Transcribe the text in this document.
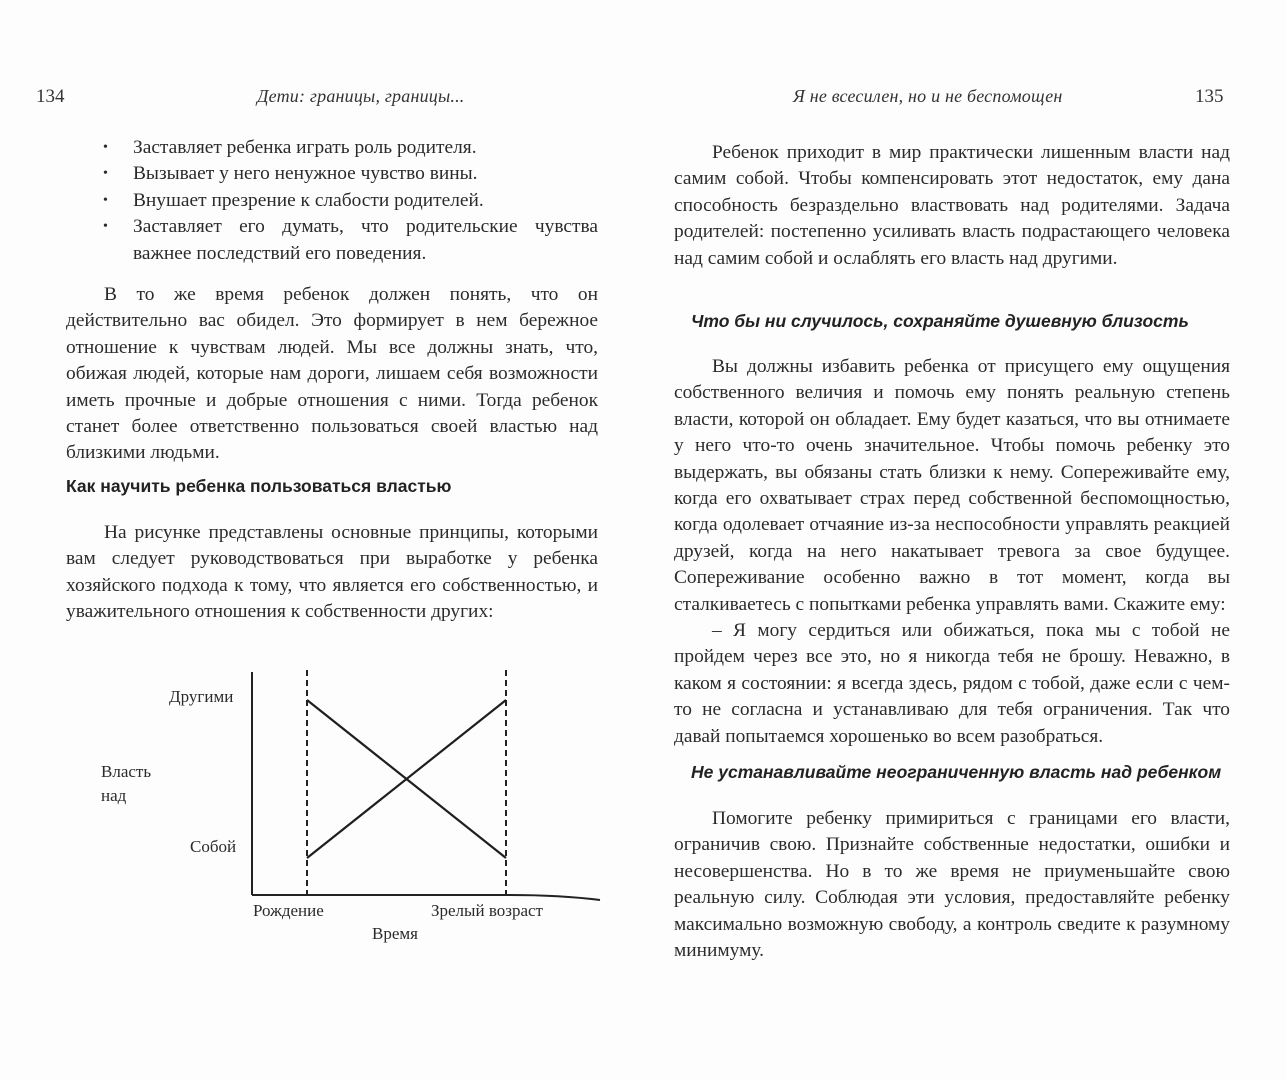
134	Дети: границы, границы...
• Заставляет ребенка играть роль родителя.
• Вызывает у него ненужное чувство вины.
• Внушает презрение к слабости родителей.
• Заставляет его думать, что родительские чувства важнее последствий его поведения.

В то же время ребенок должен понять, что он действительно вас обидел. Это формирует в нем бережное отношение к чувствам людей. Мы все должны знать, что, обижая людей, которые нам дороги, лишаем себя возможности иметь прочные и добрые отношения с ними. Тогда ребенок станет более ответственно пользоваться своей властью над близкими людьми.

Как научить ребенка пользоваться властью

На рисунке представлены основные принципы, которыми вам следует руководствоваться при выработке у ребенка хозяйского подхода к тому, что является его собственностью, и уважительного отношения к собственности других:

Другими
Собой
Власть над
Рождение	Зрелый возраст
Время
Я не всесилен, но и не беспомощен	135

Ребенок приходит в мир практически лишенным власти над самим собой. Чтобы компенсировать этот недостаток, ему дана способность безраздельно властвовать над родителями. Задача родителей: постепенно усиливать власть подрастающего человека над самим собой и ослаблять его власть над другими.

Что бы ни случилось, сохраняйте душевную близость

Вы должны избавить ребенка от присущего ему ощущения собственного величия и помочь ему понять реальную степень власти, которой он обладает. Ему будет казаться, что вы отнимаете у него что-то очень значительное. Чтобы помочь ребенку это выдержать, вы обязаны стать близки к нему. Сопереживайте ему, когда его охватывает страх перед собственной беспомощностью, когда одолевает отчаяние из-за неспособности управлять реакцией друзей, когда на него накатывает тревога за свое будущее. Сопереживание особенно важно в тот момент, когда вы сталкиваетесь с попытками ребенка управлять вами. Скажите ему:

– Я могу сердиться или обижаться, пока мы с тобой не пройдем через все это, но я никогда тебя не брошу. Неважно, в каком я состоянии: я всегда здесь, рядом с тобой, даже если с чем-то не согласна и устанавливаю для тебя ограничения. Так что давай попытаемся хорошенько во всем разобраться.

Не устанавливайте неограниченную власть над ребенком

Помогите ребенку примириться с границами его власти, ограничив свою. Признайте собственные недостатки, ошибки и несовершенства. Но в то же время не приуменьшайте свою реальную силу. Соблюдая эти условия, предоставляйте ребенку максимально возможную свободу, а контроль сведите к разумному минимуму.
